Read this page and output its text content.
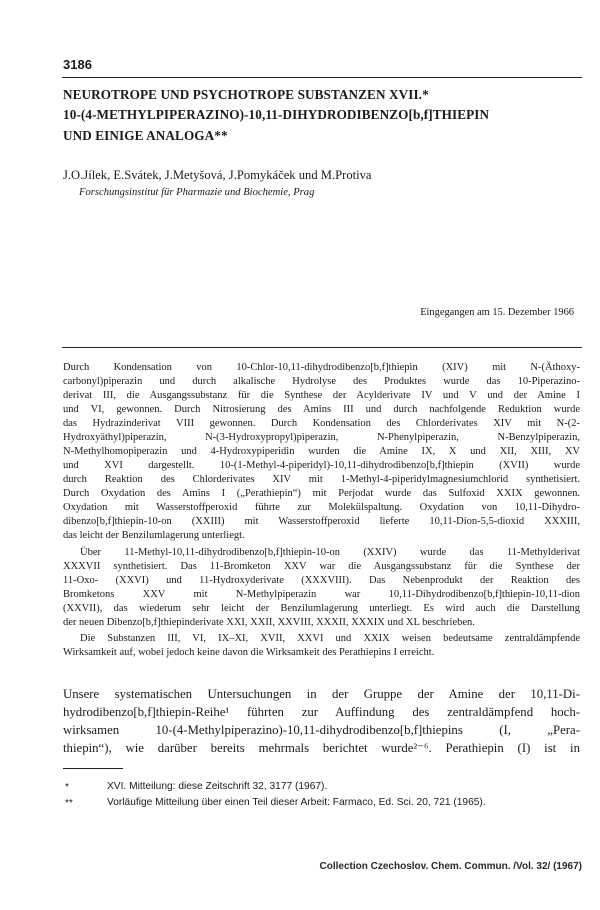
3186
NEUROTROPE UND PSYCHOTROPE SUBSTANZEN XVII.*
10-(4-METHYLPIPERAZINO)-10,11-DIHYDRODIBENZO[b,f]THIEPIN
UND EINIGE ANALOGA**
J.O.Jílek, E.Svátek, J.Metyšová, J.Pomykáček und M.Protiva
Forschungsinstitut für Pharmazie und Biochemie, Prag
Eingegangen am 15. Dezember 1966
Durch Kondensation von 10-Chlor-10,11-dihydrodibenzo[b,f]thiepin (XIV) mit N-(Äthoxy-
carbonyl)piperazin und durch alkalische Hydrolyse des Produktes wurde das 10-Piperazino-
derivat III, die Ausgangssubstanz für die Synthese der Acylderivate IV und V und der Amine I
und VI, gewonnen. Durch Nitrosierung des Amins III und durch nachfolgende Reduktion wurde
das Hydrazinderivat VIII gewonnen. Durch Kondensation des Chlorderivates XIV mit N-(2-
Hydroxyäthyl)piperazin, N-(3-Hydroxypropyl)piperazin, N-Phenylpiperazin, N-Benzylpiperazin,
N-Methylhomopiperazin und 4-Hydroxypiperidin wurden die Amine IX, X und XII, XIII, XV
und XVI dargestellt. 10-(1-Methyl-4-piperidyl)-10,11-dihydrodibenzo[b,f]thiepin (XVII) wurde
durch Reaktion des Chlorderivates XIV mit 1-Methyl-4-piperidylmagnesiumchlorid synthetisiert.
Durch Oxydation des Amins I („Perathiepin“) mit Perjodat wurde das Sulfoxid XXIX gewonnen.
Oxydation mit Wasserstoffperoxid führte zur Molekülspaltung. Oxydation von 10,11-Dihydro-
dibenzo[b,f]thiepin-10-on (XXIII) mit Wasserstoffperoxid lieferte 10,11-Dion-5,5-dioxid XXXIII,
das leicht der Benzilumlagerung unterliegt.
Über 11-Methyl-10,11-dihydrodibenzo[b,f]thiepin-10-on (XXIV) wurde das 11-Methylderivat
XXXVII synthetisiert. Das 11-Bromketon XXV war die Ausgangssubstanz für die Synthese der
11-Oxo- (XXVI) und 11-Hydroxyderivate (XXXVIII). Das Nebenprodukt der Reaktion des
Bromketons XXV mit N-Methylpiperazin war 10,11-Dihydrodibenzo[b,f]thiepin-10,11-dion
(XXVII), das wiederum sehr leicht der Benzilumlagerung unterliegt. Es wird auch die Darstellung
der neuen Dibenzo[b,f]thiepinderivate XXI, XXII, XXVIII, XXXII, XXXIX und XL beschrieben.
Die Substanzen III, VI, IX–XI, XVII, XXVI und XXIX weisen bedeutsame zentraldämpfende
Wirksamkeit auf, wobei jedoch keine davon die Wirksamkeit des Perathiepins I erreicht.
Unsere systematischen Untersuchungen in der Gruppe der Amine der 10,11-Di-
hydrodibenzo[b,f]thiepin-Reihe¹ führten zur Auffindung des zentraldämpfend hoch-
wirksamen 10-(4-Methylpiperazino)-10,11-dihydrodibenzo[b,f]thiepins (I, „Pera-
thiepin“), wie darüber bereits mehrmals berichtet wurde²⁻⁶. Perathiepin (I) ist in
*	XVI. Mitteilung: diese Zeitschrift 32, 3177 (1967).
**	Vorläufige Mitteilung über einen Teil dieser Arbeit: Farmaco, Ed. Sci. 20, 721 (1965).
Collection Czechoslov. Chem. Commun. /Vol. 32/ (1967)
